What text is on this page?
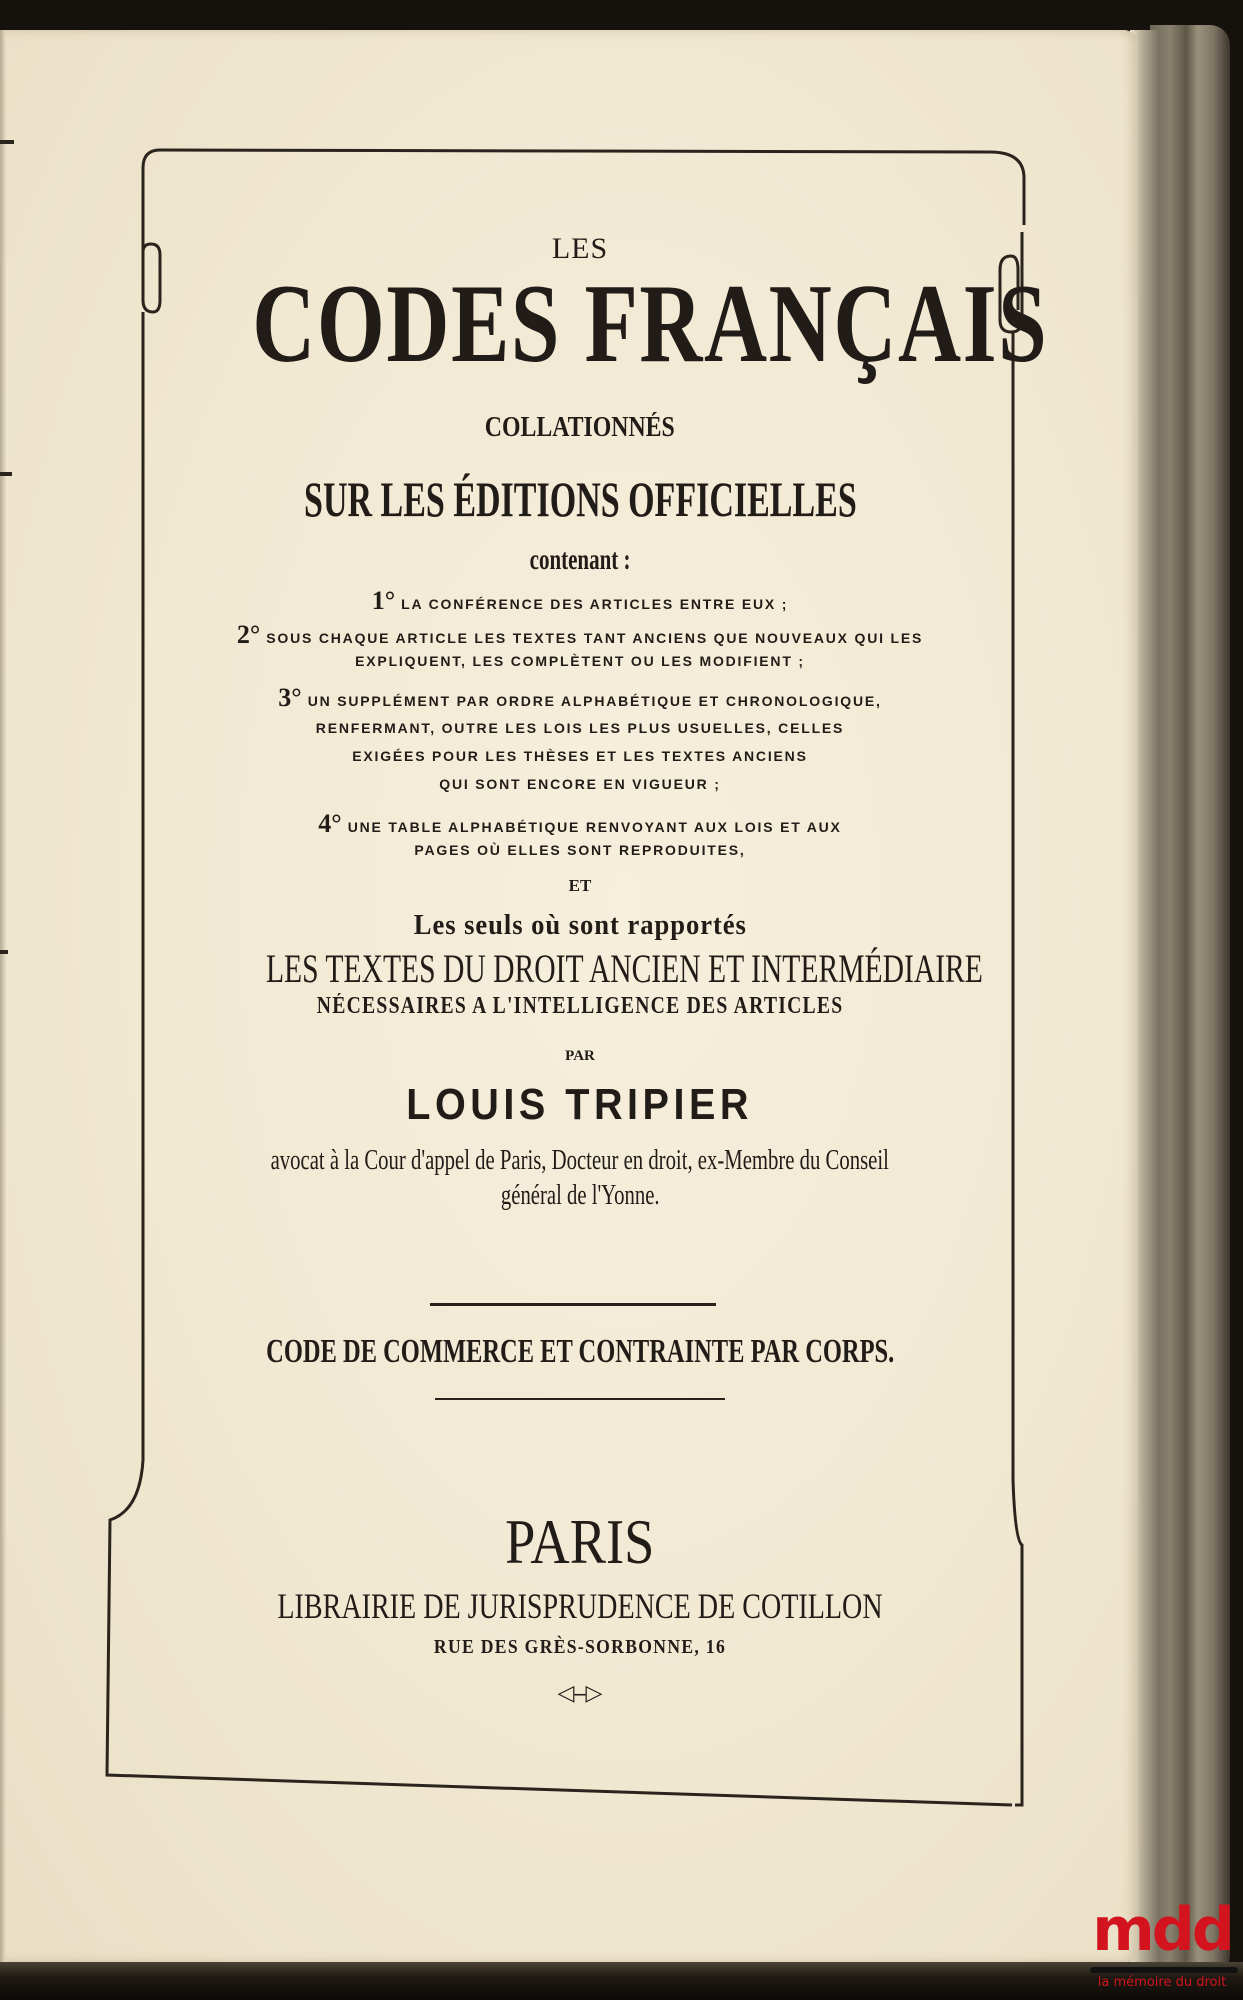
LES
CODES FRANÇAIS
COLLATIONNÉS
SUR LES ÉDITIONS OFFICIELLES
contenant :
1° LA CONFÉRENCE DES ARTICLES ENTRE EUX ;
2° SOUS CHAQUE ARTICLE LES TEXTES TANT ANCIENS QUE NOUVEAUX QUI LES
EXPLIQUENT, LES COMPLÈTENT OU LES MODIFIENT ;
3° UN SUPPLÉMENT PAR ORDRE ALPHABÉTIQUE ET CHRONOLOGIQUE,
RENFERMANT, OUTRE LES LOIS LES PLUS USUELLES, CELLES
EXIGÉES POUR LES THÈSES ET LES TEXTES ANCIENS
QUI SONT ENCORE EN VIGUEUR ;
4° UNE TABLE ALPHABÉTIQUE RENVOYANT AUX LOIS ET AUX
PAGES OÙ ELLES SONT REPRODUITES,
ET
Les seuls où sont rapportés
LES TEXTES DU DROIT ANCIEN ET INTERMÉDIAIRE
NÉCESSAIRES A L'INTELLIGENCE DES ARTICLES
PAR
LOUIS TRIPIER
avocat à la Cour d'appel de Paris, Docteur en droit, ex-Membre du Conseil
général de l'Yonne.
CODE DE COMMERCE ET CONTRAINTE PAR CORPS.
PARIS
LIBRAIRIE DE JURISPRUDENCE DE COTILLON
RUE DES GRÈS-SORBONNE, 16
◁–▷
mdd
la mémoire du droit
